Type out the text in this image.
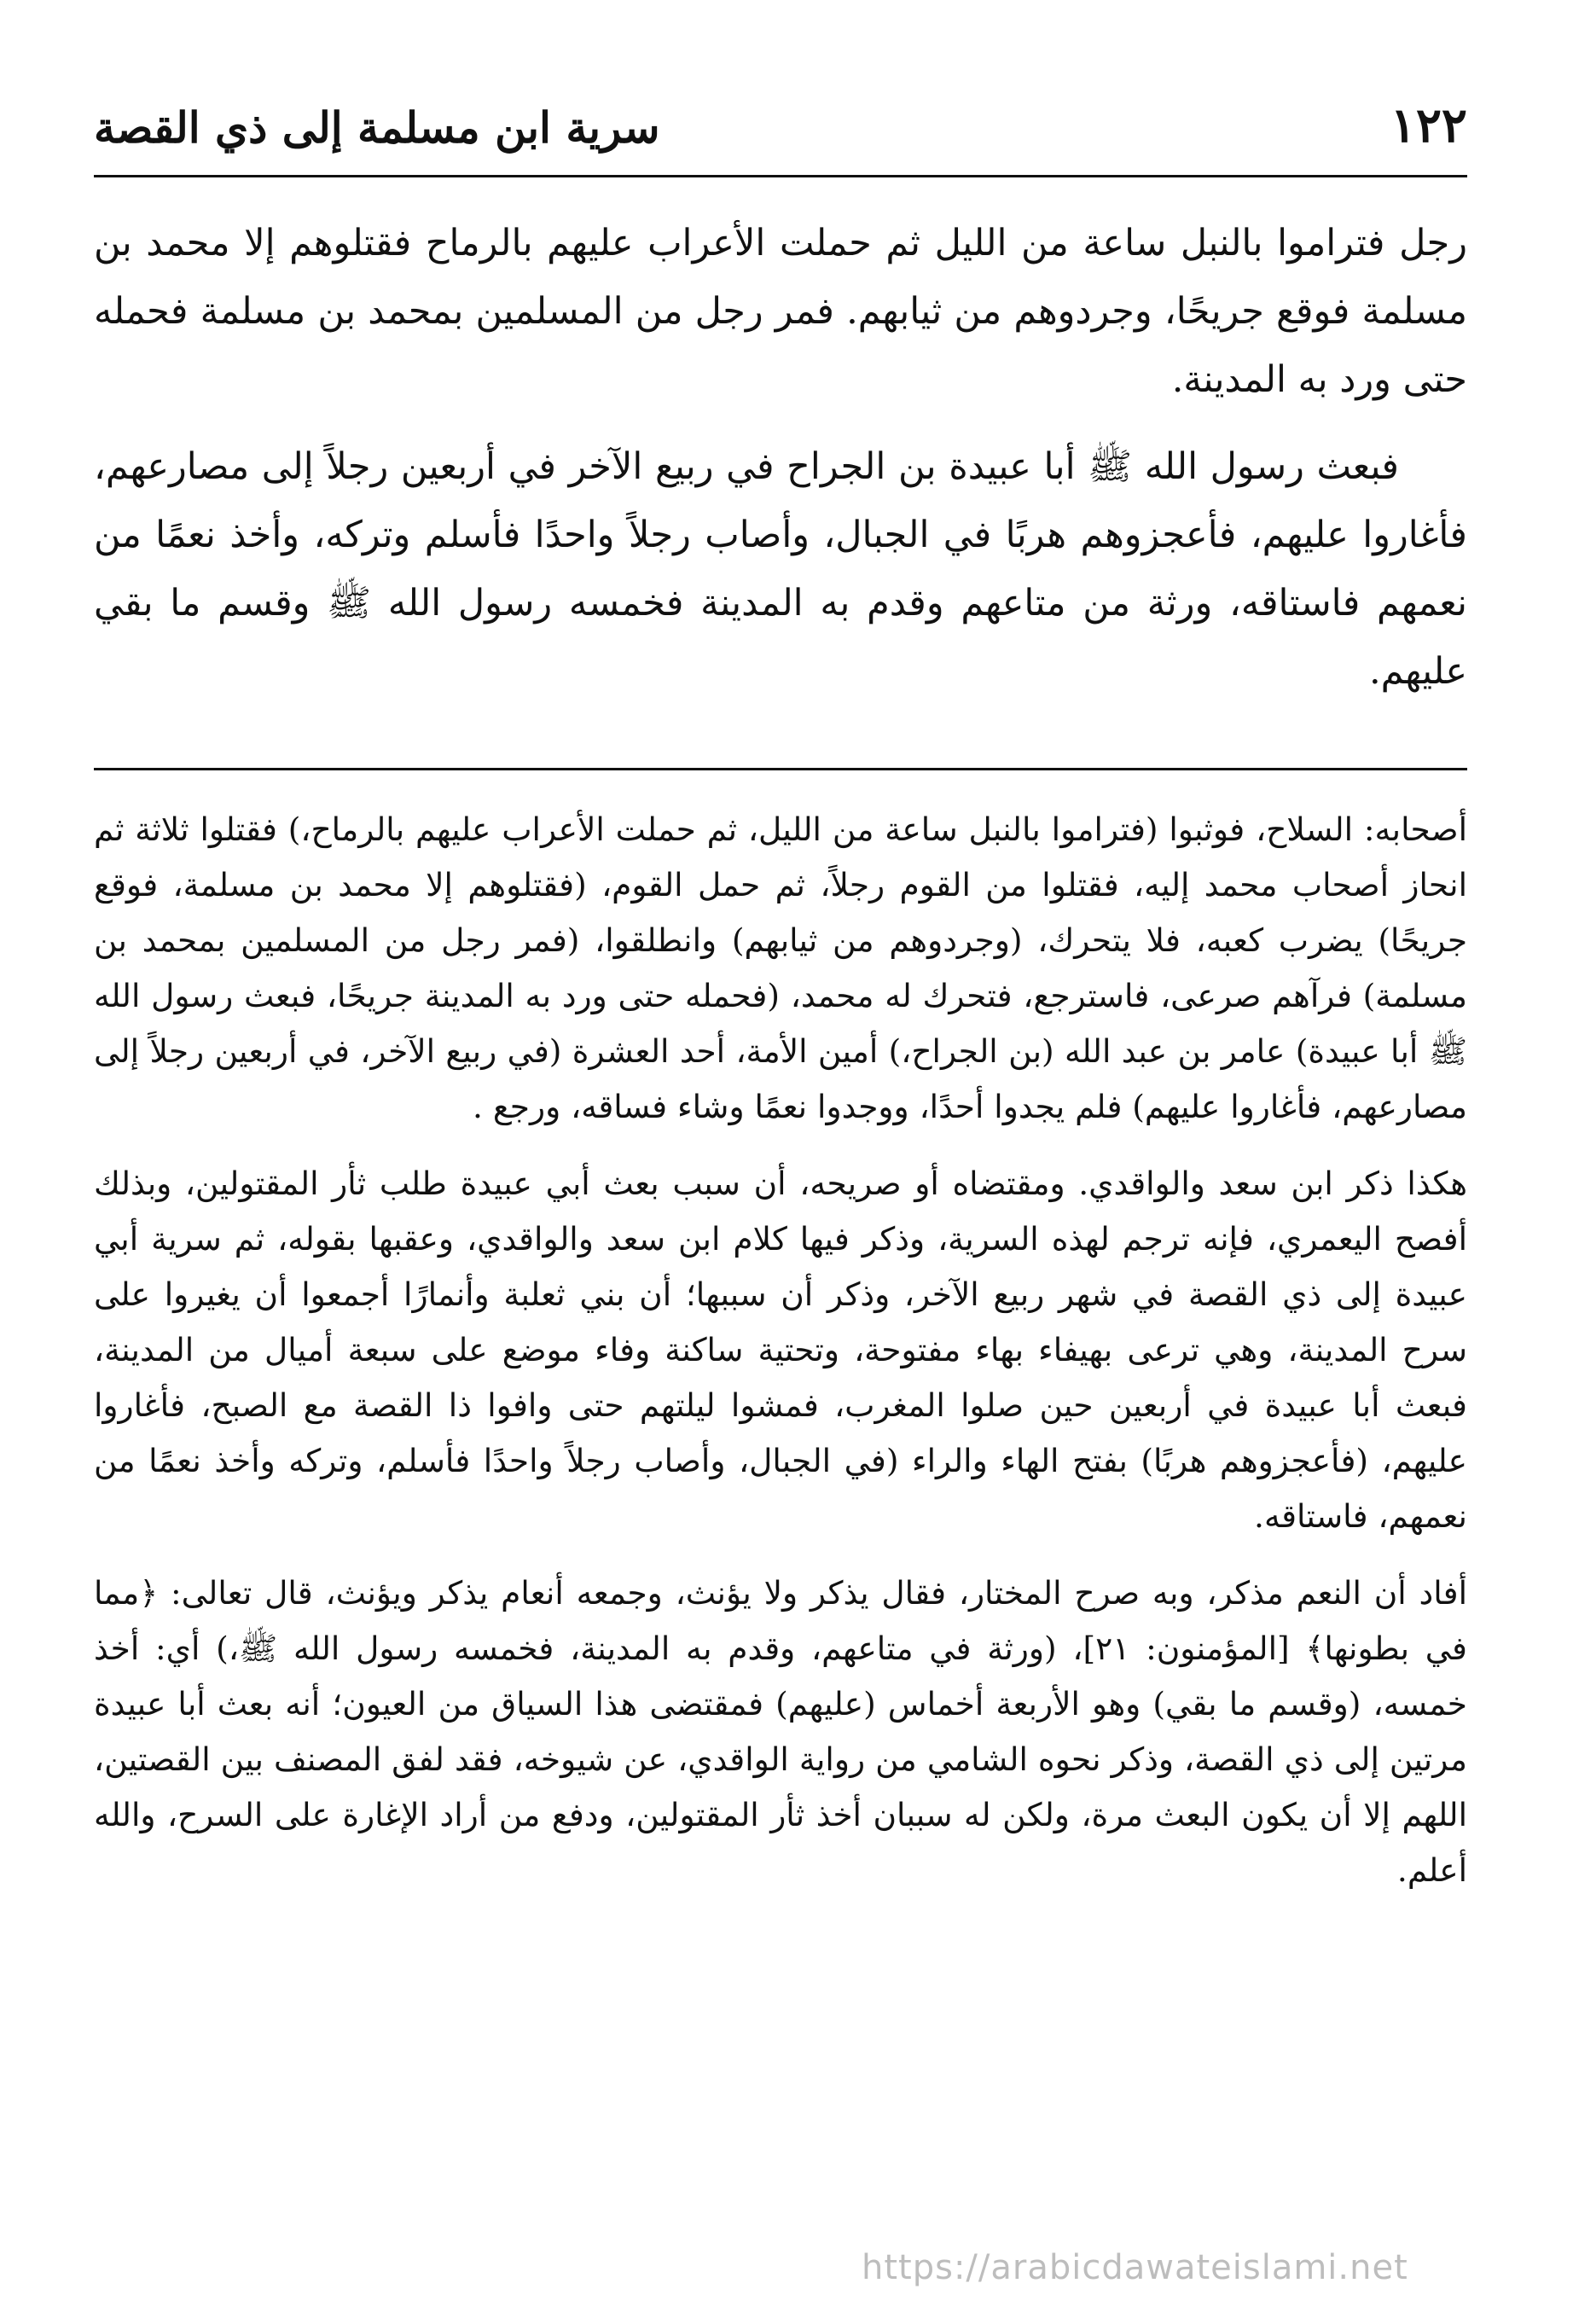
١٢٢
سرية ابن مسلمة إلى ذي القصة

رجل فتراموا بالنبل ساعة من الليل ثم حملت الأعراب عليهم بالرماح فقتلوهم إلا محمد بن مسلمة فوقع جريحًا، وجردوهم من ثيابهم. فمر رجل من المسلمين بمحمد بن مسلمة فحمله حتى ورد به المدينة.

فبعث رسول الله ﷺ أبا عبيدة بن الجراح في ربيع الآخر في أربعين رجلاً إلى مصارعهم، فأغاروا عليهم، فأعجزوهم هربًا في الجبال، وأصاب رجلاً واحدًا فأسلم وتركه، وأخذ نعمًا من نعمهم فاستاقه، ورثة من متاعهم وقدم به المدينة فخمسه رسول الله ﷺ وقسم ما بقي عليهم.

أصحابه: السلاح، فوثبوا (فتراموا بالنبل ساعة من الليل، ثم حملت الأعراب عليهم بالرماح،) فقتلوا ثلاثة ثم انحاز أصحاب محمد إليه، فقتلوا من القوم رجلاً، ثم حمل القوم، (فقتلوهم إلا محمد بن مسلمة، فوقع جريحًا) يضرب كعبه، فلا يتحرك، (وجردوهم من ثيابهم) وانطلقوا، (فمر رجل من المسلمين بمحمد بن مسلمة) فرآهم صرعى، فاسترجع، فتحرك له محمد، (فحمله حتى ورد به المدينة جريحًا، فبعث رسول الله ﷺ أبا عبيدة) عامر بن عبد الله (بن الجراح،) أمين الأمة، أحد العشرة (في ربيع الآخر، في أربعين رجلاً إلى مصارعهم، فأغاروا عليهم) فلم يجدوا أحدًا، ووجدوا نعمًا وشاء فساقه، ورجع .

هكذا ذكر ابن سعد والواقدي. ومقتضاه أو صريحه، أن سبب بعث أبي عبيدة طلب ثأر المقتولين، وبذلك أفصح اليعمري، فإنه ترجم لهذه السرية، وذكر فيها كلام ابن سعد والواقدي، وعقبها بقوله، ثم سرية أبي عبيدة إلى ذي القصة في شهر ربيع الآخر، وذكر أن سببها؛ أن بني ثعلبة وأنمارًا أجمعوا أن يغيروا على سرح المدينة، وهي ترعى بهيفاء بهاء مفتوحة، وتحتية ساكنة وفاء موضع على سبعة أميال من المدينة، فبعث أبا عبيدة في أربعين حين صلوا المغرب، فمشوا ليلتهم حتى وافوا ذا القصة مع الصبح، فأغاروا عليهم، (فأعجزوهم هربًا) بفتح الهاء والراء (في الجبال، وأصاب رجلاً واحدًا فأسلم، وتركه وأخذ نعمًا من نعمهم، فاستاقه.

أفاد أن النعم مذكر، وبه صرح المختار، فقال يذكر ولا يؤنث، وجمعه أنعام يذكر ويؤنث، قال تعالى: ﴿مما في بطونها﴾ [المؤمنون: ٢١]، (ورثة في متاعهم، وقدم به المدينة، فخمسه رسول الله ﷺ،) أي: أخذ خمسه، (وقسم ما بقي) وهو الأربعة أخماس (عليهم) فمقتضى هذا السياق من العيون؛ أنه بعث أبا عبيدة مرتين إلى ذي القصة، وذكر نحوه الشامي من رواية الواقدي، عن شيوخه، فقد لفق المصنف بين القصتين، اللهم إلا أن يكون البعث مرة، ولكن له سببان أخذ ثأر المقتولين، ودفع من أراد الإغارة على السرح، والله أعلم.

https://arabicdawateislami.net
